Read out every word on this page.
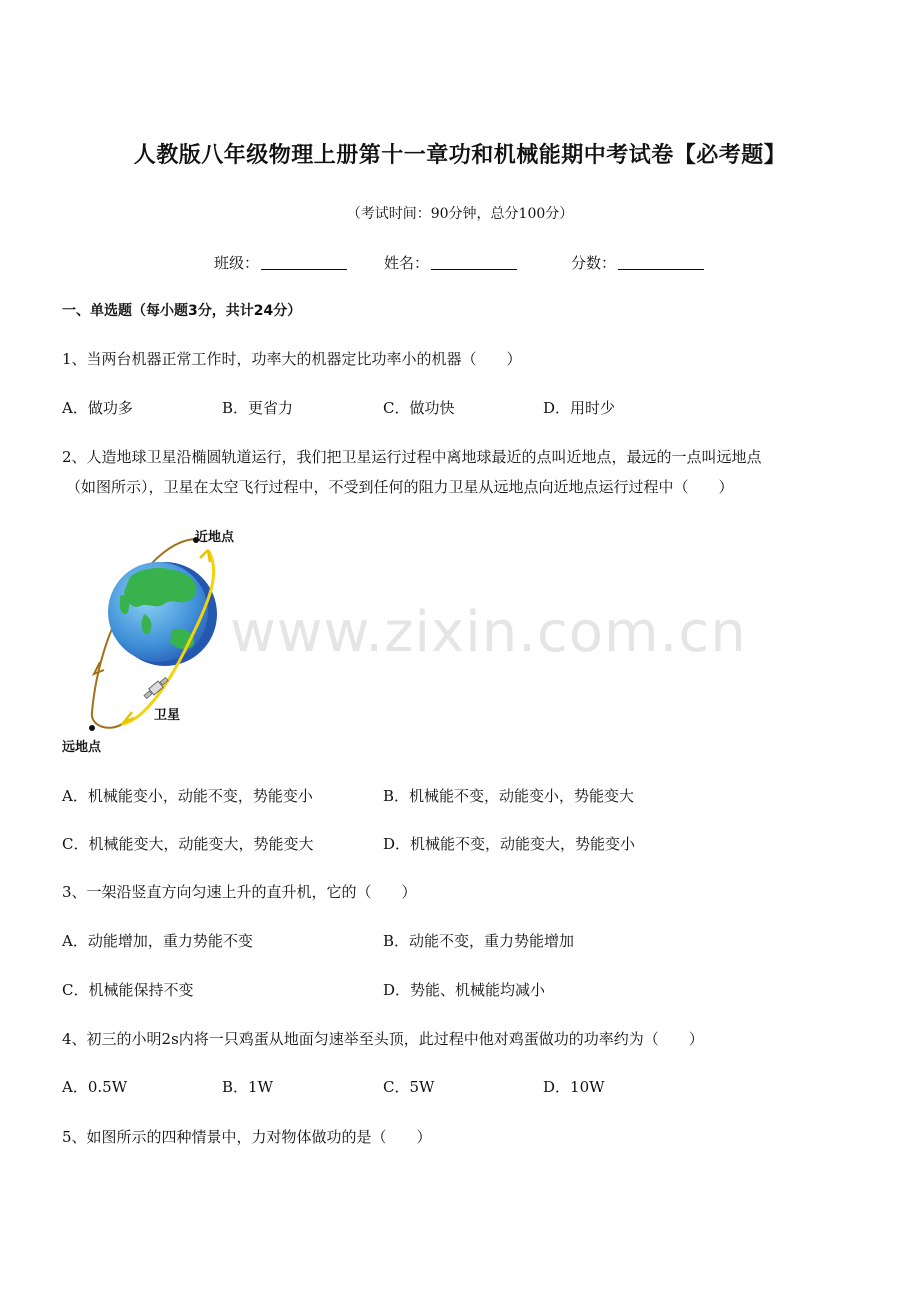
人教版八年级物理上册第十一章功和机械能期中考试卷【必考题】
（考试时间：90分钟，总分100分）
班级：	姓名：	分数：
一、单选题（每小题3分，共计24分）
1、当两台机器正常工作时，功率大的机器定比功率小的机器（　　）
A．做功多	B．更省力	C．做功快	D．用时少
2、人造地球卫星沿椭圆轨道运行，我们把卫星运行过程中离地球最近的点叫近地点，最远的一点叫远地点
（如图所示），卫星在太空飞行过程中，不受到任何的阻力卫星从远地点向近地点运行过程中（　　）
近地点
卫星
远地点
www.zixin.com.cn
A．机械能变小，动能不变，势能变小	B．机械能不变，动能变小，势能变大
C．机械能变大，动能变大，势能变大	D．机械能不变，动能变大，势能变小
3、一架沿竖直方向匀速上升的直升机，它的（　　）
A．动能增加，重力势能不变	B．动能不变，重力势能增加
C．机械能保持不变	D．势能、机械能均减小
4、初三的小明2s内将一只鸡蛋从地面匀速举至头顶，此过程中他对鸡蛋做功的功率约为（　　）
A．0.5W	B．1W	C．5W	D．10W
5、如图所示的四种情景中，力对物体做功的是（　　）
